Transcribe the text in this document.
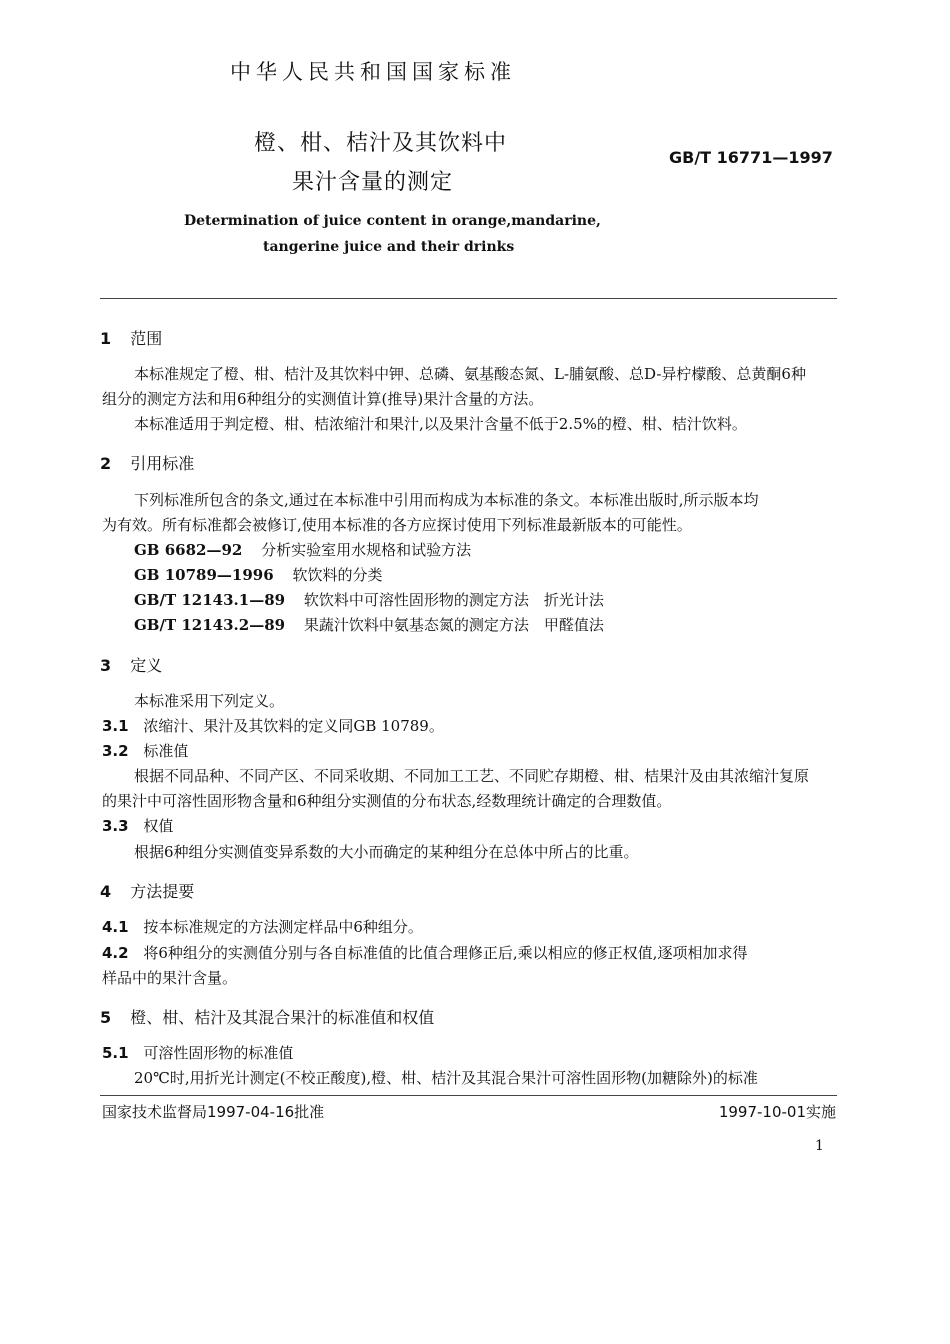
中华人民共和国国家标准
橙、柑、桔汁及其饮料中
果汁含量的测定
GB/T 16771—1997
Determination of juice content in orange,mandarine,
tangerine juice and their drinks
1 范围
本标准规定了橙、柑、桔汁及其饮料中钾、总磷、氨基酸态氮、L-脯氨酸、总D-异柠檬酸、总黄酮6种
组分的测定方法和用6种组分的实测值计算(推导)果汁含量的方法。
本标准适用于判定橙、柑、桔浓缩汁和果汁,以及果汁含量不低于2.5%的橙、柑、桔汁饮料。
2 引用标准
下列标准所包含的条文,通过在本标准中引用而构成为本标准的条文。本标准出版时,所示版本均
为有效。所有标准都会被修订,使用本标准的各方应探讨使用下列标准最新版本的可能性。
GB 6682—92 分析实验室用水规格和试验方法
GB 10789—1996 软饮料的分类
GB/T 12143.1—89 软饮料中可溶性固形物的测定方法　折光计法
GB/T 12143.2—89 果蔬汁饮料中氨基态氮的测定方法　甲醛值法
3 定义
本标准采用下列定义。
3.1 浓缩汁、果汁及其饮料的定义同GB 10789。
3.2 标准值
根据不同品种、不同产区、不同采收期、不同加工工艺、不同贮存期橙、柑、桔果汁及由其浓缩汁复原
的果汁中可溶性固形物含量和6种组分实测值的分布状态,经数理统计确定的合理数值。
3.3 权值
根据6种组分实测值变异系数的大小而确定的某种组分在总体中所占的比重。
4 方法提要
4.1 按本标准规定的方法测定样品中6种组分。
4.2 将6种组分的实测值分别与各自标准值的比值合理修正后,乘以相应的修正权值,逐项相加求得
样品中的果汁含量。
5 橙、柑、桔汁及其混合果汁的标准值和权值
5.1 可溶性固形物的标准值
20℃时,用折光计测定(不校正酸度),橙、柑、桔汁及其混合果汁可溶性固形物(加糖除外)的标准
国家技术监督局1997-04-16批准	1997-10-01实施
1
